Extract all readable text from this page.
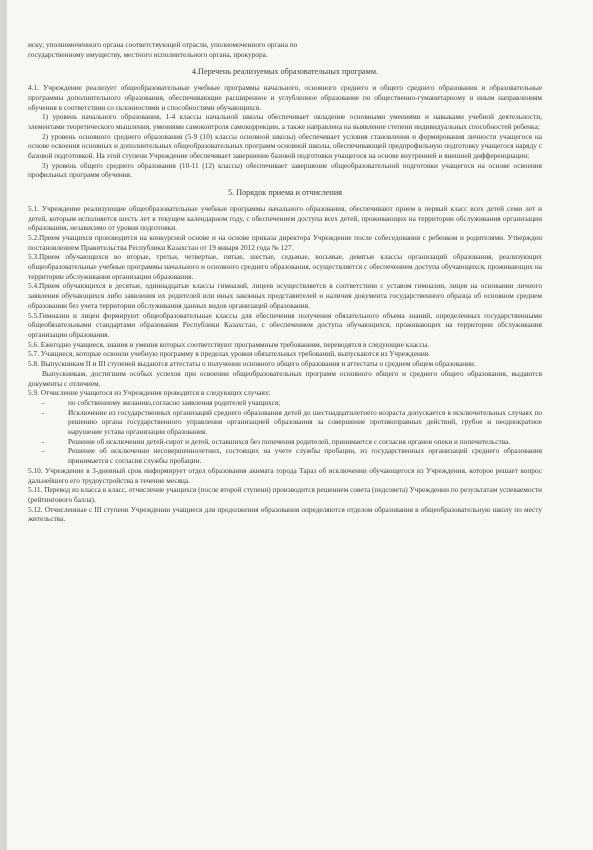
иску; уполномоченного органа соответствующей отрасли, уполномоченного органа по

государственному имуществу, местного исполнительного органа, прокурора.

4.Перечень реализуемых образовательных программ.

4.1. Учреждение реализует общеобразовательные учебные программы начального, основного среднего и общего среднего образования и образовательные программы дополнительного образования, обеспечивающие расширенное и углубленное образование по общественно-гуманитарному и иным направлениям обучения в соответствии со склонностями и способностями обучающихся.

1) уровень начального образования, 1-4 классы начальной школы обеспечивает овладение основными умениями и навыками учебной деятельности, элементами теоретического мышления, умениями самоконтроля самокоррекции, а также направлена на выявление степени индивидуальных способностей ребенка;

2) уровень основного среднего образования (5-9 (10) классы основной школы) обеспечивает условия становления и формирования личности учащегося на основе освоения основных и дополнительных общеобразовательных программ основной школы, обеспечивающей предпрофильную подготовку учащегося наряду с базовой подготовкой. На этой ступени Учреждение обеспечивает завершение базовой подготовки учащегося на основе внутренней и внешней дифференциации;

3) уровень общего среднего образования (10-11 (12) классы) обеспечивает завершение общеобразовательной подготовки учащегося на основе освоения профильных программ обучения.

5. Порядок приема и отчисления

5.1. Учреждение реализующие общеобразовательные учебные программы начального образования, обеспечивают прием в первый класс всех детей семи лет и детей, которым исполняется шесть лет в текущем календарном году, с обеспечением доступа всех детей, проживающих на территории обслуживания организации образования, независимо от уровня подготовки.

5.2.Прием учащихся производится на конкурсной основе и на основе приказа директора Учреждение после собеседования с ребенком и родителями. Утвержден постановлением Правительства Республики Казахстан от 19 января 2012 года № 127.

5.3.Прием обучающихся во вторые, третьи, четвертые, пятые, шестые, седьмые, восьмые, девятые классы организаций образования, реализующих общеобразовательные учебные программы начального и основного среднего образования, осуществляется с обеспечением доступа обучающихся, проживающих на территории обслуживания организации образования.

5.4.Прием обучающихся в десятые, одиннадцатые классы гимназий, лицеев осуществляется в соответствии с уставом гимназии, лицея на основании личного заявления обучающихся либо заявления их родителей или иных законных представителей и наличия документа государственного образца об основном среднем образовании без учета территории обслуживания данных видов организаций образования.

5.5.Гимназии и лицеи формируют общеобразовательные классы для обеспечения получения обязательного объема знаний, определенных государственными общеобязательными стандартами образования Республики Казахстан, с обеспечением доступа обучающихся, проживающих на территории обслуживания организации образования.

5.6. Ежегодно учащиеся, знания и умения которых соответствуют программным требованиям, переводятся в следующие классы.

5.7. Учащиеся, которые освоили учебную программу в пределах уровня обязательных требований, выпускаются из Учреждения.

5.8. Выпускникам II и III ступеней выдаются аттестаты о получении основного общего образования и аттестаты о среднем общем образовании.

Выпускникам, достигшим особых успехов при освоении общеобразовательных программ основного общего и среднего общего образования, выдаются документы с отличием.

5.9. Отчисление учащегося из Учреждения проводится в следующих случаях:

- по собственному желанию,согласно заявления родителей учащихся;
- Исключение из государственных организаций среднего образования детей до шестнадцатилетнего возраста допускается в исключительных случаях по решению органа государственного управления организацией образования за совершение противоправных действий, грубое и неоднократное нарушение устава организации образования.
- Решение об исключении детей-сирот и детей, оставшихся без попечения родителей, принимается с согласия органов опеки и попечительства.
- Решение об исключении несовершеннолетних, состоящих на учете службы пробации, из государственных организаций среднего образования принимается с согласия службы пробации.

5.10. Учреждение в 3-дневный срок информирует отдел образования акимата города Тараз об исключении обучающегося из Учреждения, которое решает вопрос дальнейшего его трудоустройства в течение месяца.

5.11. Перевод из класса в класс, отчисление учащихся (после второй ступени) производится решением совета (педсовета) Учреждении по результатам успеваемости (рейтингового балла).

5.12. Отчисленные с III ступени Учреждении учащиеся для продолжения образования определяются отделом образования в общеобразовательную школу по месту жительства.
